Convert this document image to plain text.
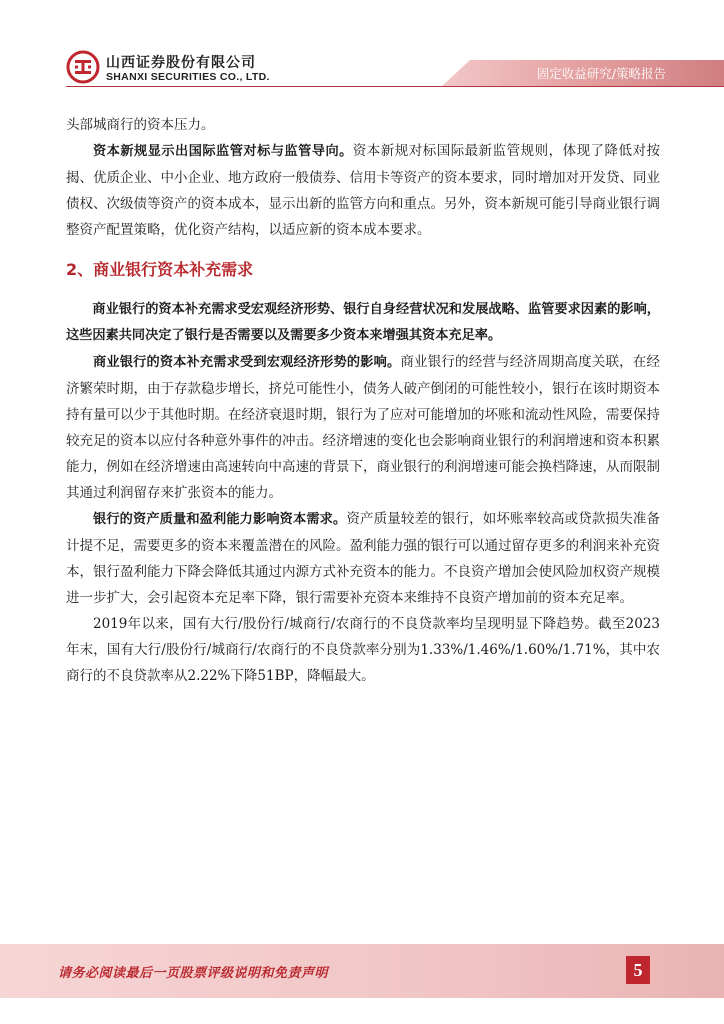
山西证券股份有限公司
SHANXI SECURITIES CO., LTD.	固定收益研究/策略报告

头部城商行的资本压力。

资本新规显示出国际监管对标与监管导向。资本新规对标国际最新监管规则，体现了降低对按揭、优质企业、中小企业、地方政府一般债券、信用卡等资产的资本要求，同时增加对开发贷、同业债权、次级债等资产的资本成本，显示出新的监管方向和重点。另外，资本新规可能引导商业银行调整资产配置策略，优化资产结构，以适应新的资本成本要求。

2、商业银行资本补充需求

商业银行的资本补充需求受宏观经济形势、银行自身经营状况和发展战略、监管要求因素的影响，这些因素共同决定了银行是否需要以及需要多少资本来增强其资本充足率。

商业银行的资本补充需求受到宏观经济形势的影响。商业银行的经营与经济周期高度关联，在经济繁荣时期，由于存款稳步增长，挤兑可能性小，债务人破产倒闭的可能性较小，银行在该时期资本持有量可以少于其他时期。在经济衰退时期，银行为了应对可能增加的坏账和流动性风险，需要保持较充足的资本以应付各种意外事件的冲击。经济增速的变化也会影响商业银行的利润增速和资本积累能力，例如在经济增速由高速转向中高速的背景下，商业银行的利润增速可能会换档降速，从而限制其通过利润留存来扩张资本的能力。

银行的资产质量和盈利能力影响资本需求。资产质量较差的银行，如坏账率较高或贷款损失准备计提不足，需要更多的资本来覆盖潜在的风险。盈利能力强的银行可以通过留存更多的利润来补充资本，银行盈利能力下降会降低其通过内源方式补充资本的能力。不良资产增加会使风险加权资产规模进一步扩大，会引起资本充足率下降，银行需要补充资本来维持不良资产增加前的资本充足率。

2019年以来，国有大行/股份行/城商行/农商行的不良贷款率均呈现明显下降趋势。截至2023年末，国有大行/股份行/城商行/农商行的不良贷款率分别为1.33%/1.46%/1.60%/1.71%，其中农商行的不良贷款率从2.22%下降51BP，降幅最大。

请务必阅读最后一页股票评级说明和免责声明	5
